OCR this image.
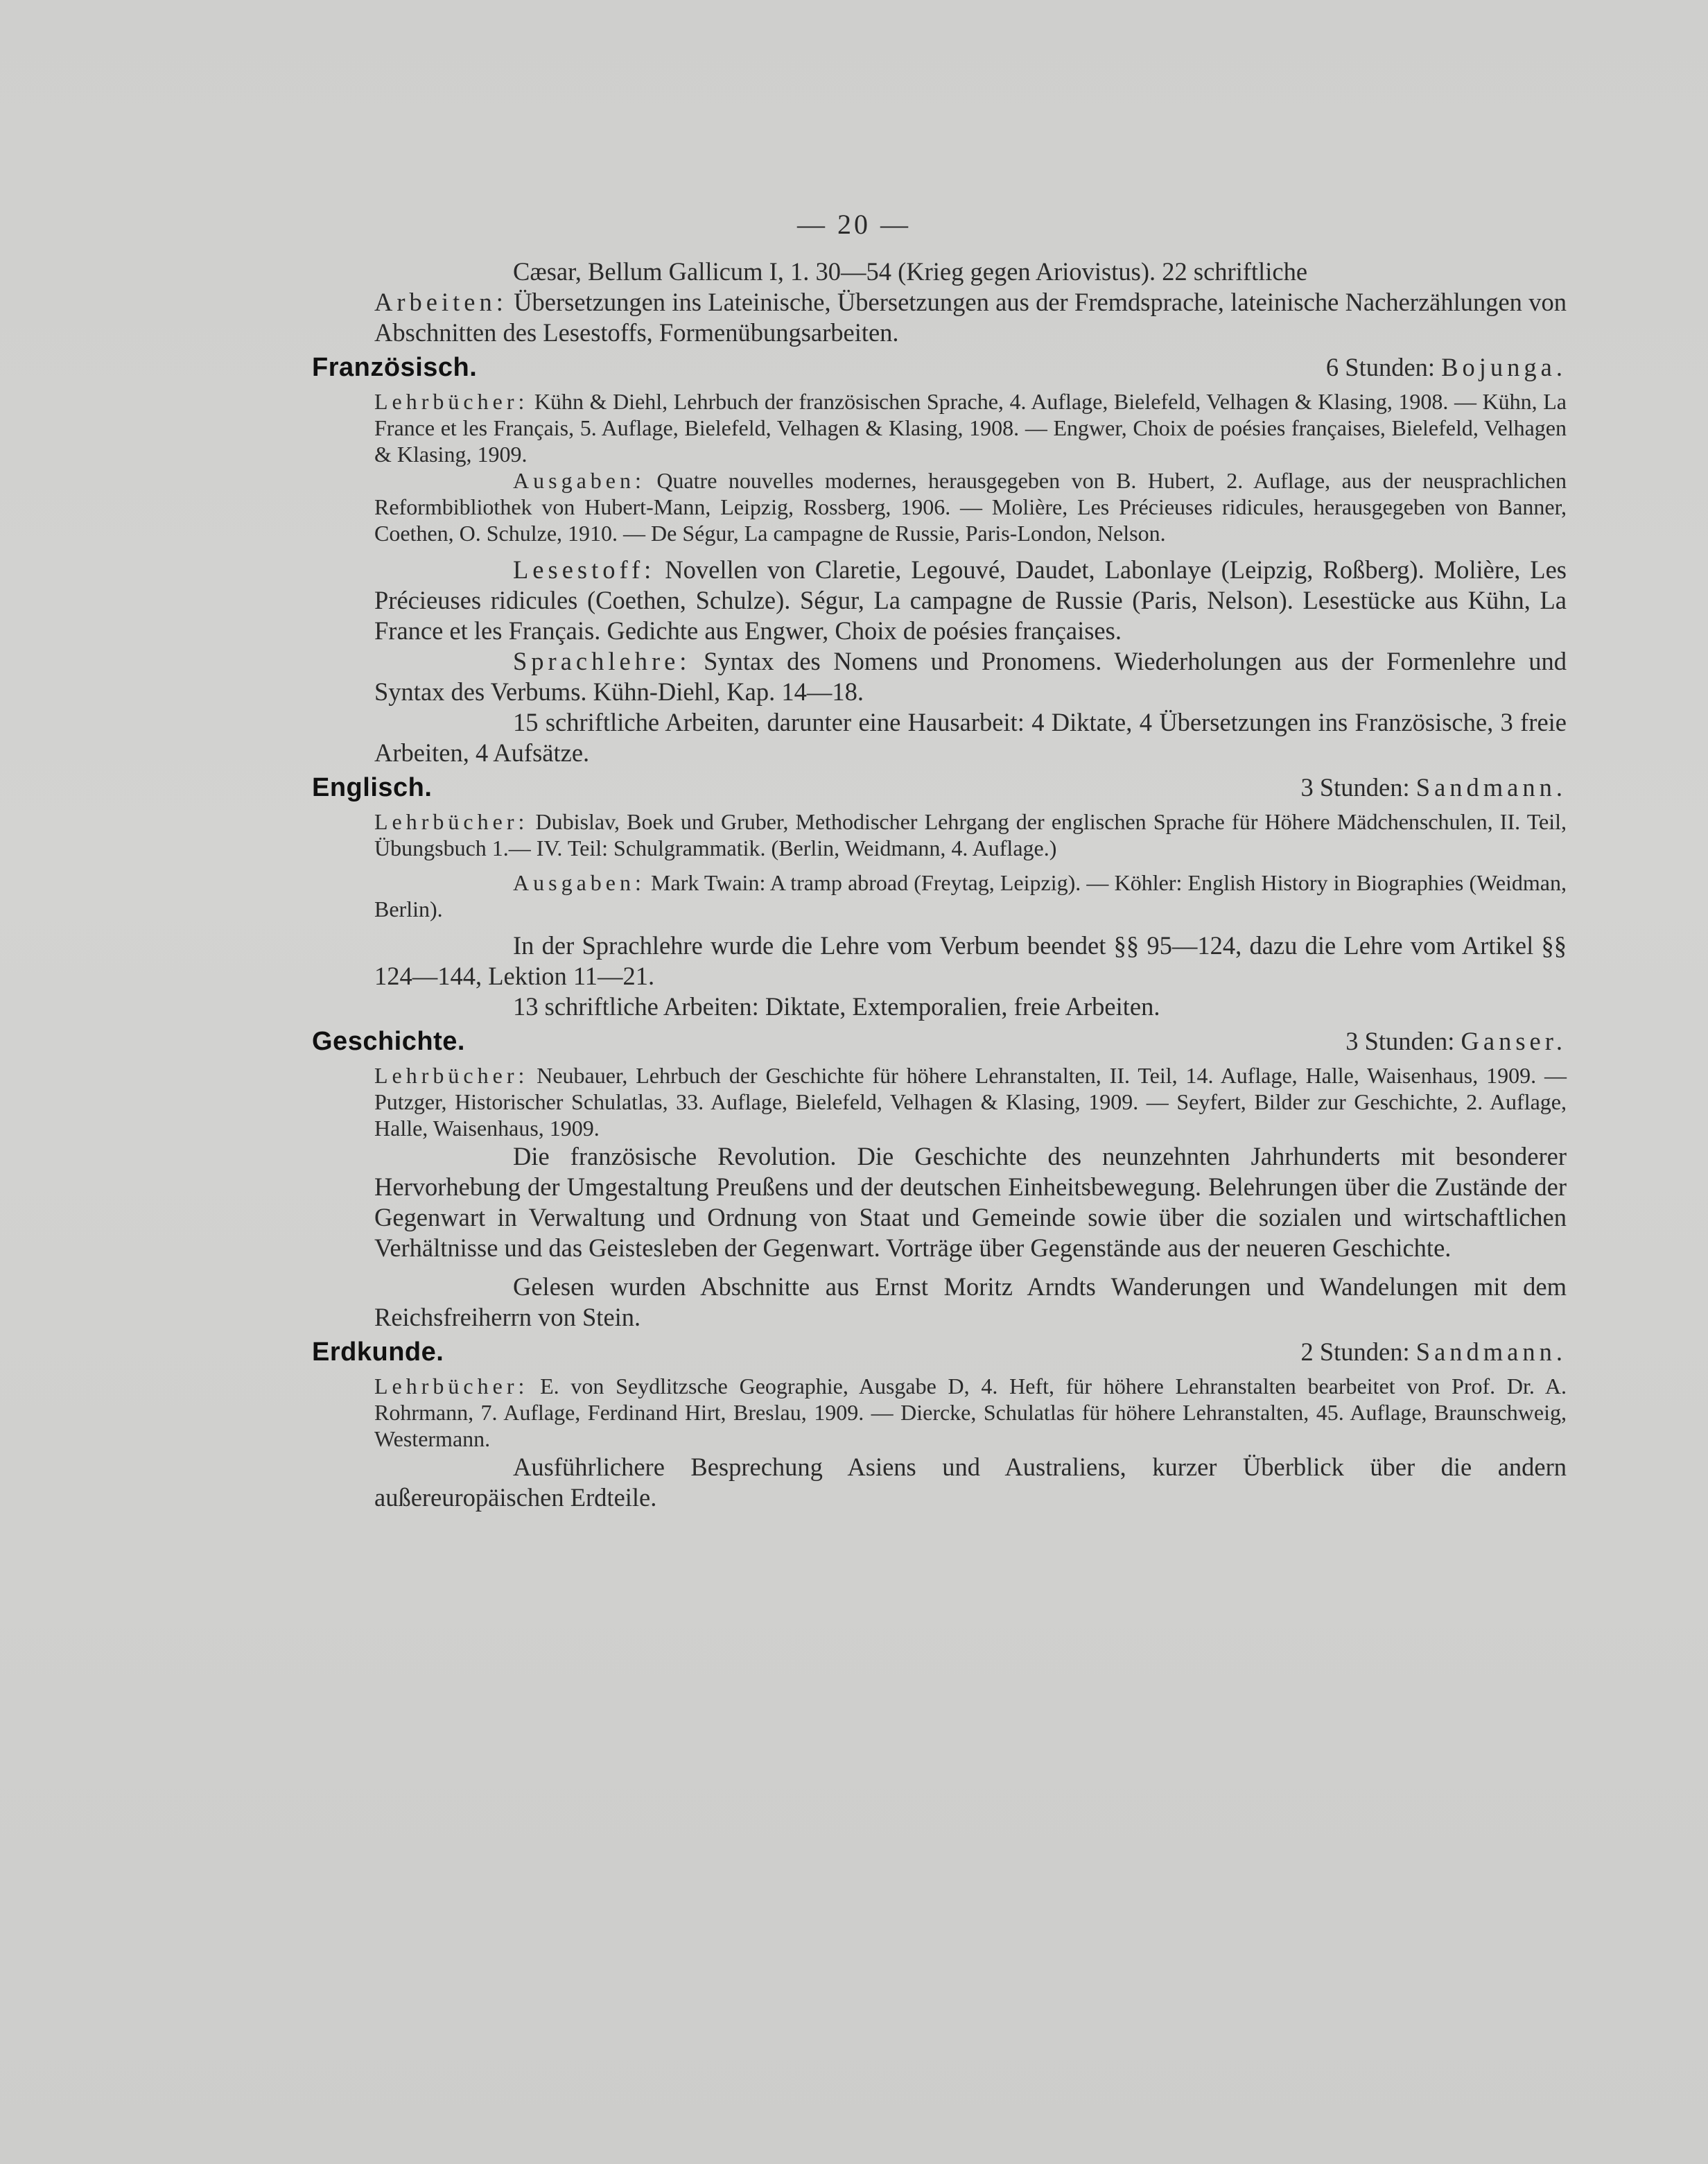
— 20 —

Cæsar, Bellum Gallicum I, 1. 30—54 (Krieg gegen Ariovistus). 22 schriftliche

Arbeiten: Übersetzungen ins Lateinische, Übersetzungen aus der Fremdsprache, lateinische Nacherzählungen von Abschnitten des Lesestoffs, Formenübungsarbeiten.

Französisch.	6 Stunden: Bojunga.

Lehrbücher: Kühn & Diehl, Lehrbuch der französischen Sprache, 4. Auflage, Bielefeld, Velhagen & Klasing, 1908. — Kühn, La France et les Français, 5. Auflage, Bielefeld, Velhagen & Klasing, 1908. — Engwer, Choix de poésies françaises, Bielefeld, Velhagen & Klasing, 1909.

Ausgaben: Quatre nouvelles modernes, herausgegeben von B. Hubert, 2. Auflage, aus der neusprachlichen Reformbibliothek von Hubert-Mann, Leipzig, Rossberg, 1906. — Molière, Les Précieuses ridicules, herausgegeben von Banner, Coethen, O. Schulze, 1910. — De Ségur, La campagne de Russie, Paris-London, Nelson.

Lesestoff: Novellen von Claretie, Legouvé, Daudet, Labonlaye (Leipzig, Roßberg). Molière, Les Précieuses ridicules (Coethen, Schulze). Ségur, La campagne de Russie (Paris, Nelson). Lesestücke aus Kühn, La France et les Français. Gedichte aus Engwer, Choix de poésies françaises.

Sprachlehre: Syntax des Nomens und Pronomens. Wiederholungen aus der Formenlehre und Syntax des Verbums. Kühn-Diehl, Kap. 14—18.

15 schriftliche Arbeiten, darunter eine Hausarbeit: 4 Diktate, 4 Übersetzungen ins Französische, 3 freie Arbeiten, 4 Aufsätze.

Englisch.	3 Stunden: Sandmann.

Lehrbücher: Dubislav, Boek und Gruber, Methodischer Lehrgang der englischen Sprache für Höhere Mädchenschulen, II. Teil, Übungsbuch 1.— IV. Teil: Schulgrammatik. (Berlin, Weidmann, 4. Auflage.)

Ausgaben: Mark Twain: A tramp abroad (Freytag, Leipzig). — Köhler: English History in Biographies (Weidman, Berlin).

In der Sprachlehre wurde die Lehre vom Verbum beendet §§ 95—124, dazu die Lehre vom Artikel §§ 124—144, Lektion 11—21.

13 schriftliche Arbeiten: Diktate, Extemporalien, freie Arbeiten.

Geschichte.	3 Stunden: Ganser.

Lehrbücher: Neubauer, Lehrbuch der Geschichte für höhere Lehranstalten, II. Teil, 14. Auflage, Halle, Waisenhaus, 1909. — Putzger, Historischer Schulatlas, 33. Auflage, Bielefeld, Velhagen & Klasing, 1909. — Seyfert, Bilder zur Geschichte, 2. Auflage, Halle, Waisenhaus, 1909.

Die französische Revolution. Die Geschichte des neunzehnten Jahrhunderts mit besonderer Hervorhebung der Umgestaltung Preußens und der deutschen Einheitsbewegung. Belehrungen über die Zustände der Gegenwart in Verwaltung und Ordnung von Staat und Gemeinde sowie über die sozialen und wirtschaftlichen Verhältnisse und das Geistesleben der Gegenwart. Vorträge über Gegenstände aus der neueren Geschichte.

Gelesen wurden Abschnitte aus Ernst Moritz Arndts Wanderungen und Wandelungen mit dem Reichsfreiherrn von Stein.

Erdkunde.	2 Stunden: Sandmann.

Lehrbücher: E. von Seydlitzsche Geographie, Ausgabe D, 4. Heft, für höhere Lehranstalten bearbeitet von Prof. Dr. A. Rohrmann, 7. Auflage, Ferdinand Hirt, Breslau, 1909. — Diercke, Schulatlas für höhere Lehranstalten, 45. Auflage, Braunschweig, Westermann.

Ausführlichere Besprechung Asiens und Australiens, kurzer Überblick über die andern außereuropäischen Erdteile.
